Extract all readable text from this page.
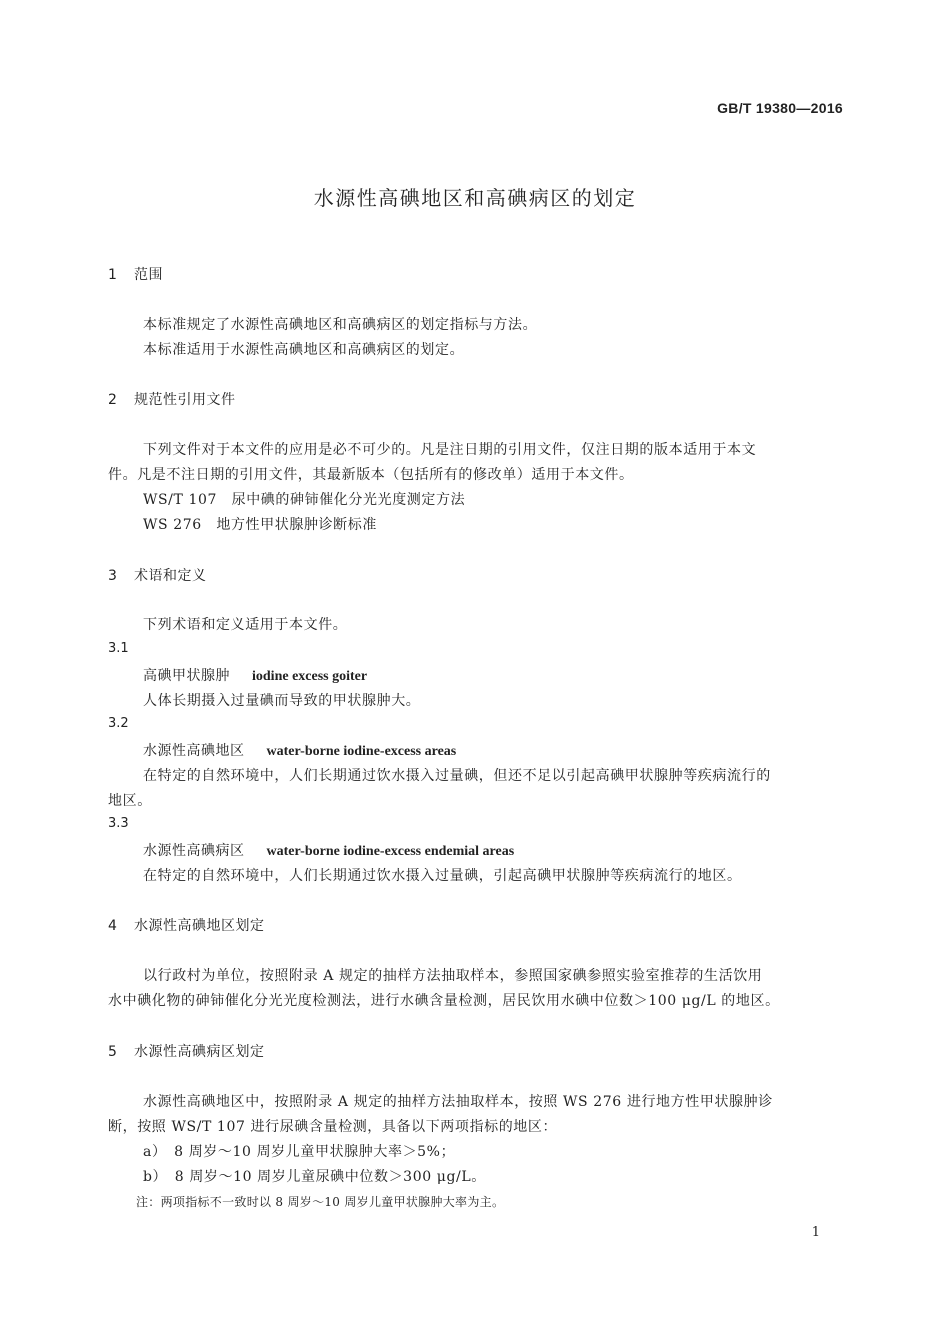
GB/T 19380—2016
水源性高碘地区和高碘病区的划定
1 范围
本标准规定了水源性高碘地区和高碘病区的划定指标与方法。
本标准适用于水源性高碘地区和高碘病区的划定。
2 规范性引用文件
下列文件对于本文件的应用是必不可少的。凡是注日期的引用文件，仅注日期的版本适用于本文
件。凡是不注日期的引用文件，其最新版本（包括所有的修改单）适用于本文件。
WS/T 107　尿中碘的砷铈催化分光光度测定方法
WS 276　地方性甲状腺肿诊断标准
3 术语和定义
下列术语和定义适用于本文件。
3.1
高碘甲状腺肿 iodine excess goiter
人体长期摄入过量碘而导致的甲状腺肿大。
3.2
水源性高碘地区 water-borne iodine-excess areas
在特定的自然环境中，人们长期通过饮水摄入过量碘，但还不足以引起高碘甲状腺肿等疾病流行的
地区。
3.3
水源性高碘病区 water-borne iodine-excess endemial areas
在特定的自然环境中，人们长期通过饮水摄入过量碘，引起高碘甲状腺肿等疾病流行的地区。
4 水源性高碘地区划定
以行政村为单位，按照附录 A 规定的抽样方法抽取样本，参照国家碘参照实验室推荐的生活饮用
水中碘化物的砷铈催化分光光度检测法，进行水碘含量检测，居民饮用水碘中位数＞100 μg/L 的地区。
5 水源性高碘病区划定
水源性高碘地区中，按照附录 A 规定的抽样方法抽取样本，按照 WS 276 进行地方性甲状腺肿诊
断，按照 WS/T 107 进行尿碘含量检测，具备以下两项指标的地区：
a）　8 周岁～10 周岁儿童甲状腺肿大率＞5%；
b）　8 周岁～10 周岁儿童尿碘中位数＞300 μg/L。
注：两项指标不一致时以 8 周岁～10 周岁儿童甲状腺肿大率为主。
1
